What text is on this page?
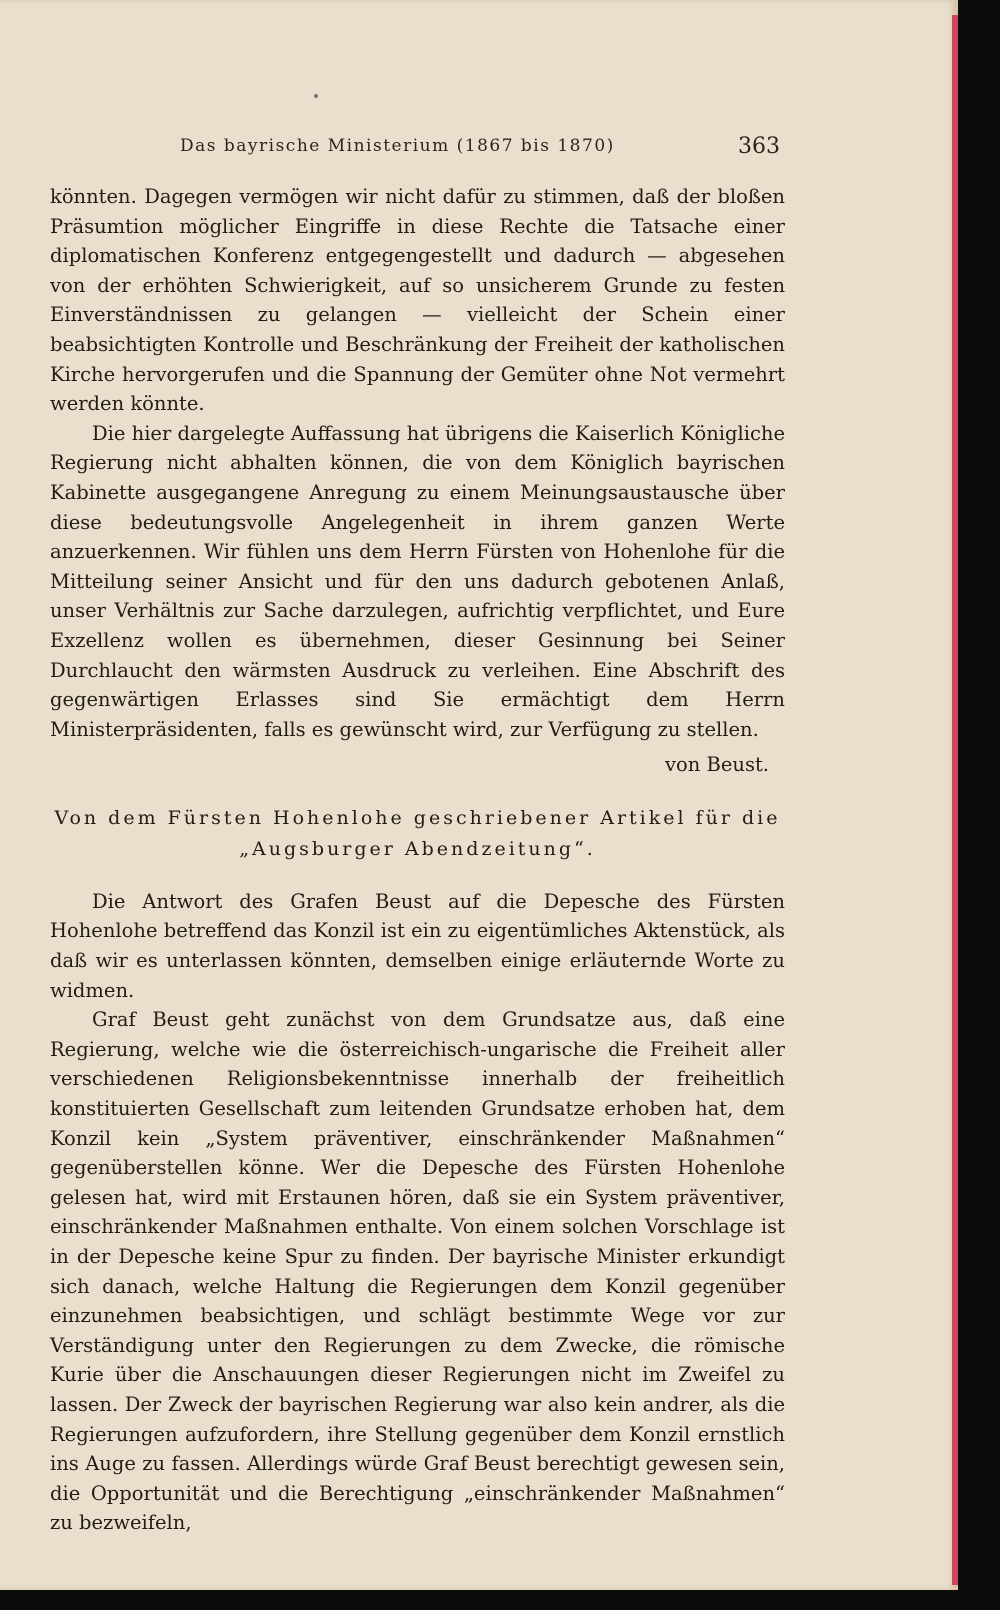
Das bayrische Ministerium (1867 bis 1870)	363

könnten. Dagegen vermögen wir nicht dafür zu stimmen, daß der bloßen Präsumtion möglicher Eingriffe in diese Rechte die Tatsache einer diplomatischen Konferenz entgegengestellt und dadurch — abgesehen von der erhöhten Schwierigkeit, auf so unsicherem Grunde zu festen Einverständnissen zu gelangen — vielleicht der Schein einer beabsichtigten Kontrolle und Beschränkung der Freiheit der katholischen Kirche hervorgerufen und die Spannung der Gemüter ohne Not vermehrt werden könnte.

Die hier dargelegte Auffassung hat übrigens die Kaiserlich Königliche Regierung nicht abhalten können, die von dem Königlich bayrischen Kabinette ausgegangene Anregung zu einem Meinungsaustausche über diese bedeutungsvolle Angelegenheit in ihrem ganzen Werte anzuerkennen. Wir fühlen uns dem Herrn Fürsten von Hohenlohe für die Mitteilung seiner Ansicht und für den uns dadurch gebotenen Anlaß, unser Verhältnis zur Sache darzulegen, aufrichtig verpflichtet, und Eure Exzellenz wollen es übernehmen, dieser Gesinnung bei Seiner Durchlaucht den wärmsten Ausdruck zu verleihen. Eine Abschrift des gegenwärtigen Erlasses sind Sie ermächtigt dem Herrn Ministerpräsidenten, falls es gewünscht wird, zur Verfügung zu stellen.

von Beust.

Von dem Fürsten Hohenlohe geschriebener Artikel für die
„Augsburger Abendzeitung“.

Die Antwort des Grafen Beust auf die Depesche des Fürsten Hohenlohe betreffend das Konzil ist ein zu eigentümliches Aktenstück, als daß wir es unterlassen könnten, demselben einige erläuternde Worte zu widmen.

Graf Beust geht zunächst von dem Grundsatze aus, daß eine Regierung, welche wie die österreichisch-ungarische die Freiheit aller verschiedenen Religionsbekenntnisse innerhalb der freiheitlich konstituierten Gesellschaft zum leitenden Grundsatze erhoben hat, dem Konzil kein „System präventiver, einschränkender Maßnahmen“ gegenüberstellen könne. Wer die Depesche des Fürsten Hohenlohe gelesen hat, wird mit Erstaunen hören, daß sie ein System präventiver, einschränkender Maßnahmen enthalte. Von einem solchen Vorschlage ist in der Depesche keine Spur zu finden. Der bayrische Minister erkundigt sich danach, welche Haltung die Regierungen dem Konzil gegenüber einzunehmen beabsichtigen, und schlägt bestimmte Wege vor zur Verständigung unter den Regierungen zu dem Zwecke, die römische Kurie über die Anschauungen dieser Regierungen nicht im Zweifel zu lassen. Der Zweck der bayrischen Regierung war also kein andrer, als die Regierungen aufzufordern, ihre Stellung gegenüber dem Konzil ernstlich ins Auge zu fassen. Allerdings würde Graf Beust berechtigt gewesen sein, die Opportunität und die Berechtigung „einschränkender Maßnahmen“ zu bezweifeln,
